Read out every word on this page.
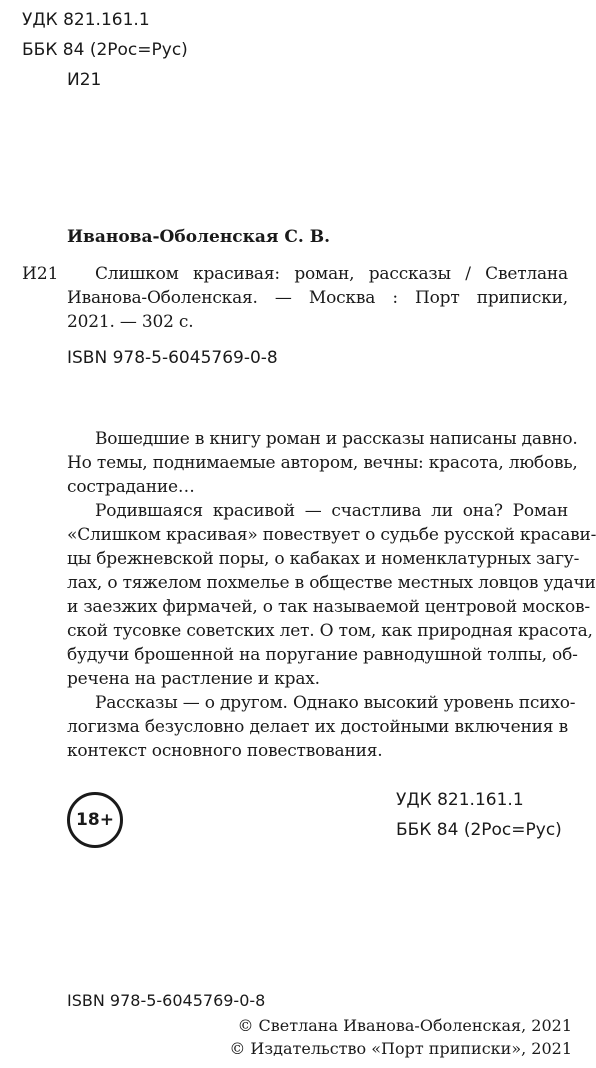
УДК 821.161.1
ББК 84 (2Рос=Рус)
И21
Иванова-Оболенская С. В.
И21 Слишком красивая: роман, рассказы / Светлана
Иванова-Оболенская. — Москва : Порт приписки,
2021. — 302 с.
ISBN 978-5-6045769-0-8
Вошедшие в книгу роман и рассказы написаны давно.
Но темы, поднимаемые автором, вечны: красота, любовь,
сострадание…
Родившаяся красивой — счастлива ли она? Роман
«Слишком красивая» повествует о судьбе русской красави-
цы брежневской поры, о кабаках и номенклатурных загу-
лах, о тяжелом похмелье в обществе местных ловцов удачи
и заезжих фирмачей, о так называемой центровой москов-
ской тусовке советских лет. О том, как природная красота,
будучи брошенной на поругание равнодушной толпы, об-
речена на растление и крах.
Рассказы — о другом. Однако высокий уровень психо-
логизма безусловно делает их достойными включения в
контекст основного повествования.
18+
УДК 821.161.1
ББК 84 (2Рос=Рус)
ISBN 978-5-6045769-0-8
© Светлана Иванова-Оболенская, 2021
© Издательство «Порт приписки», 2021
